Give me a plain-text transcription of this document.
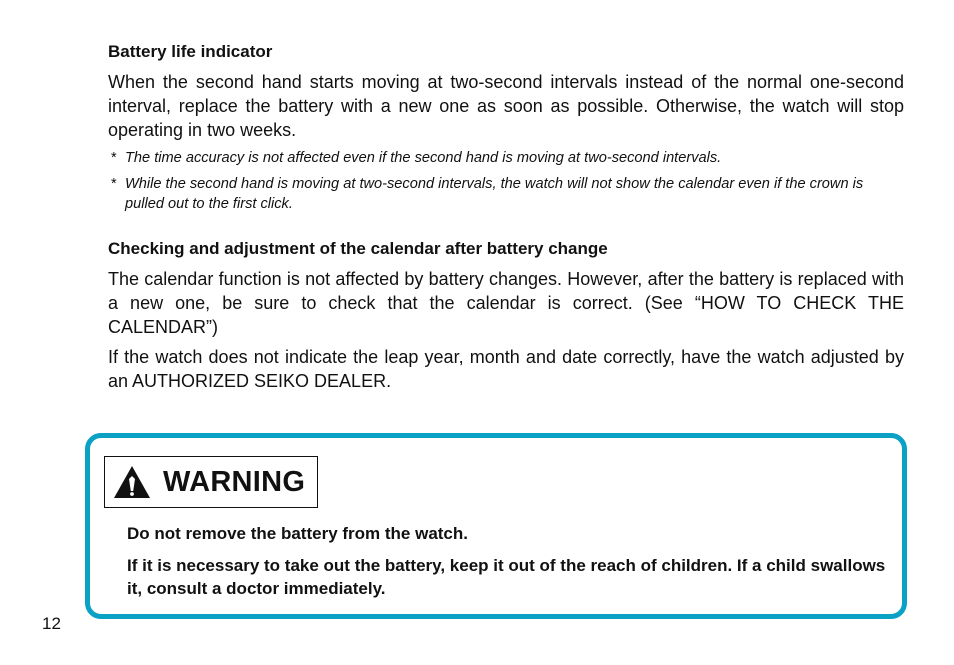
Battery life indicator

When the second hand starts moving at two-second intervals instead of the normal one-second interval, replace the battery with a new one as soon as possible. Otherwise, the watch will stop operating in two weeks.

* The time accuracy is not affected even if the second hand is moving at two-second intervals.

* While the second hand is moving at two-second intervals, the watch will not show the calendar even if the crown is pulled out to the first click.

Checking and adjustment of the calendar after battery change

The calendar function is not affected by battery changes. However, after the battery is replaced with a new one, be sure to check that the calendar is correct. (See “HOW TO CHECK THE CALENDAR”)

If the watch does not indicate the leap year, month and date correctly, have the watch adjusted by an AUTHORIZED SEIKO DEALER.

WARNING

Do not remove the battery from the watch.

If it is necessary to take out the battery, keep it out of the reach of children. If a child swallows it, consult a doctor immediately.

12
